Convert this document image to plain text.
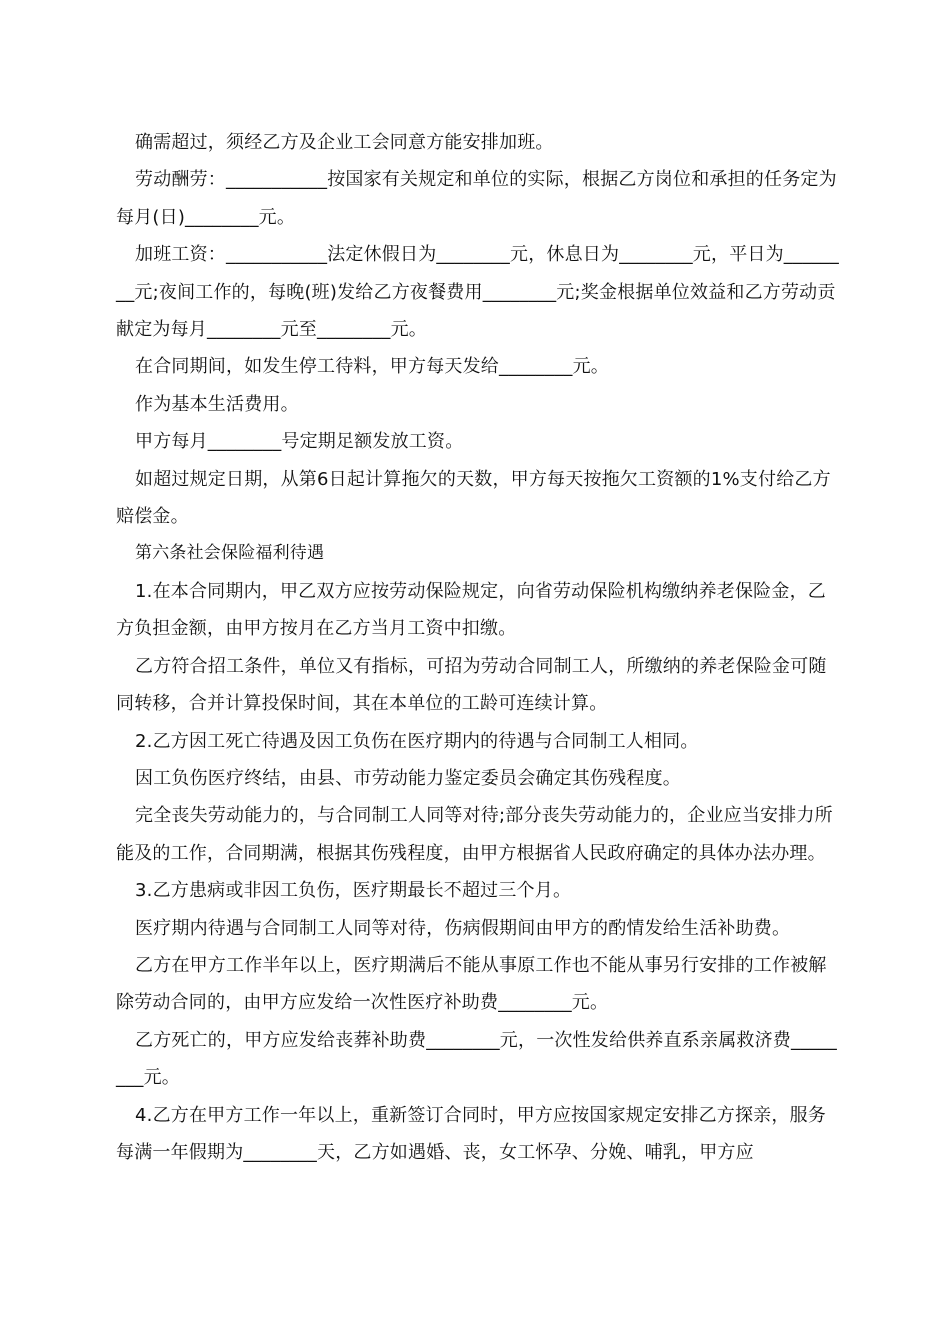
确需超过，须经乙方及企业工会同意方能安排加班。

劳动酬劳：___________按国家有关规定和单位的实际，根据乙方岗位和承担的任务定为每月(日)________元。

加班工资：___________法定休假日为________元，休息日为________元，平日为________元;夜间工作的，每晚(班)发给乙方夜餐费用________元;奖金根据单位效益和乙方劳动贡献定为每月________元至________元。

在合同期间，如发生停工待料，甲方每天发给________元。

作为基本生活费用。

甲方每月________号定期足额发放工资。

如超过规定日期，从第6日起计算拖欠的天数，甲方每天按拖欠工资额的1%支付给乙方赔偿金。

第六条社会保险福利待遇

1.在本合同期内，甲乙双方应按劳动保险规定，向省劳动保险机构缴纳养老保险金，乙方负担金额，由甲方按月在乙方当月工资中扣缴。

乙方符合招工条件，单位又有指标，可招为劳动合同制工人，所缴纳的养老保险金可随同转移，合并计算投保时间，其在本单位的工龄可连续计算。

2.乙方因工死亡待遇及因工负伤在医疗期内的待遇与合同制工人相同。

因工负伤医疗终结，由县、市劳动能力鉴定委员会确定其伤残程度。

完全丧失劳动能力的，与合同制工人同等对待;部分丧失劳动能力的，企业应当安排力所能及的工作，合同期满，根据其伤残程度，由甲方根据省人民政府确定的具体办法办理。

3.乙方患病或非因工负伤，医疗期最长不超过三个月。

医疗期内待遇与合同制工人同等对待，伤病假期间由甲方的酌情发给生活补助费。

乙方在甲方工作半年以上，医疗期满后不能从事原工作也不能从事另行安排的工作被解除劳动合同的，由甲方应发给一次性医疗补助费________元。

乙方死亡的，甲方应发给丧葬补助费________元，一次性发给供养直系亲属救济费________元。

4.乙方在甲方工作一年以上，重新签订合同时，甲方应按国家规定安排乙方探亲，服务每满一年假期为________天，乙方如遇婚、丧，女工怀孕、分娩、哺乳，甲方应
